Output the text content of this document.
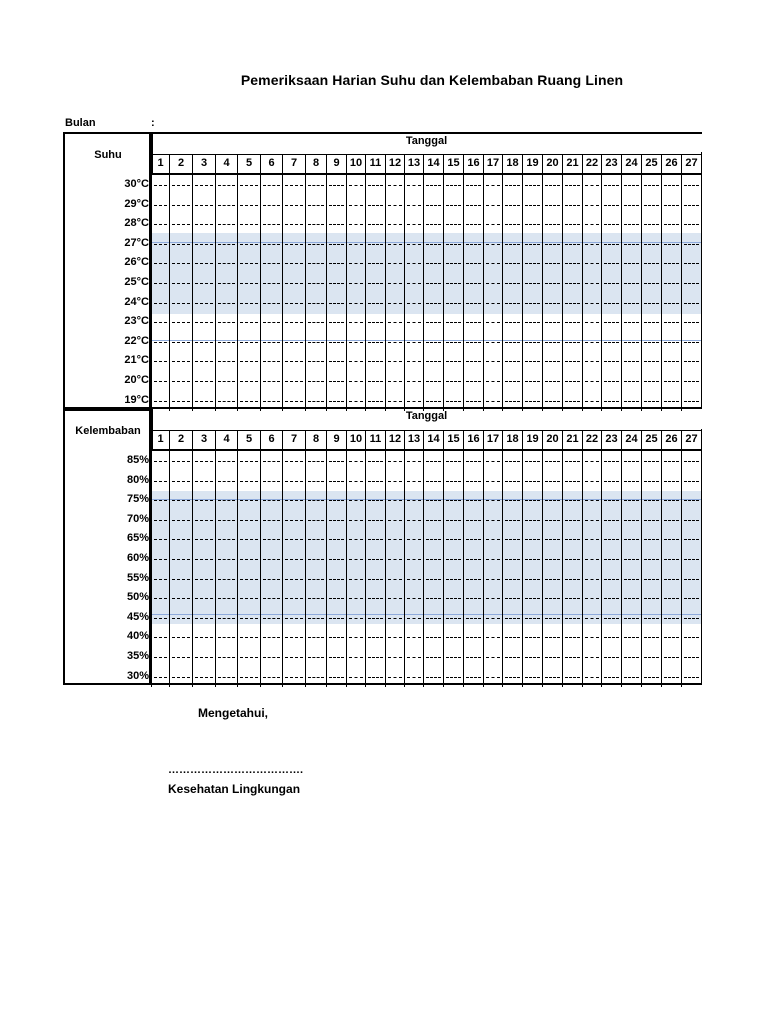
Pemeriksaan Harian Suhu dan Kelembaban Ruang Linen
Bulan	:
Suhu
Tanggal
1	2	3	4	5	6	7	8	9 10 11 12 13 14 15 16 17 18 19 20 21 22 23 24 25 26 27
30°C
29°C
28°C
27°C
26°C
25°C
24°C
23°C
22°C
21°C
20°C
19°C
Kelembaban
Tanggal
1	2	3	4	5	6	7	8	9 10 11 12 13 14 15 16 17 18 19 20 21 22 23 24 25 26 27
85%
80%
75%
70%
65%
60%
55%
50%
45%
40%
35%
30%
Mengetahui,
……………………………….
Kesehatan Lingkungan
